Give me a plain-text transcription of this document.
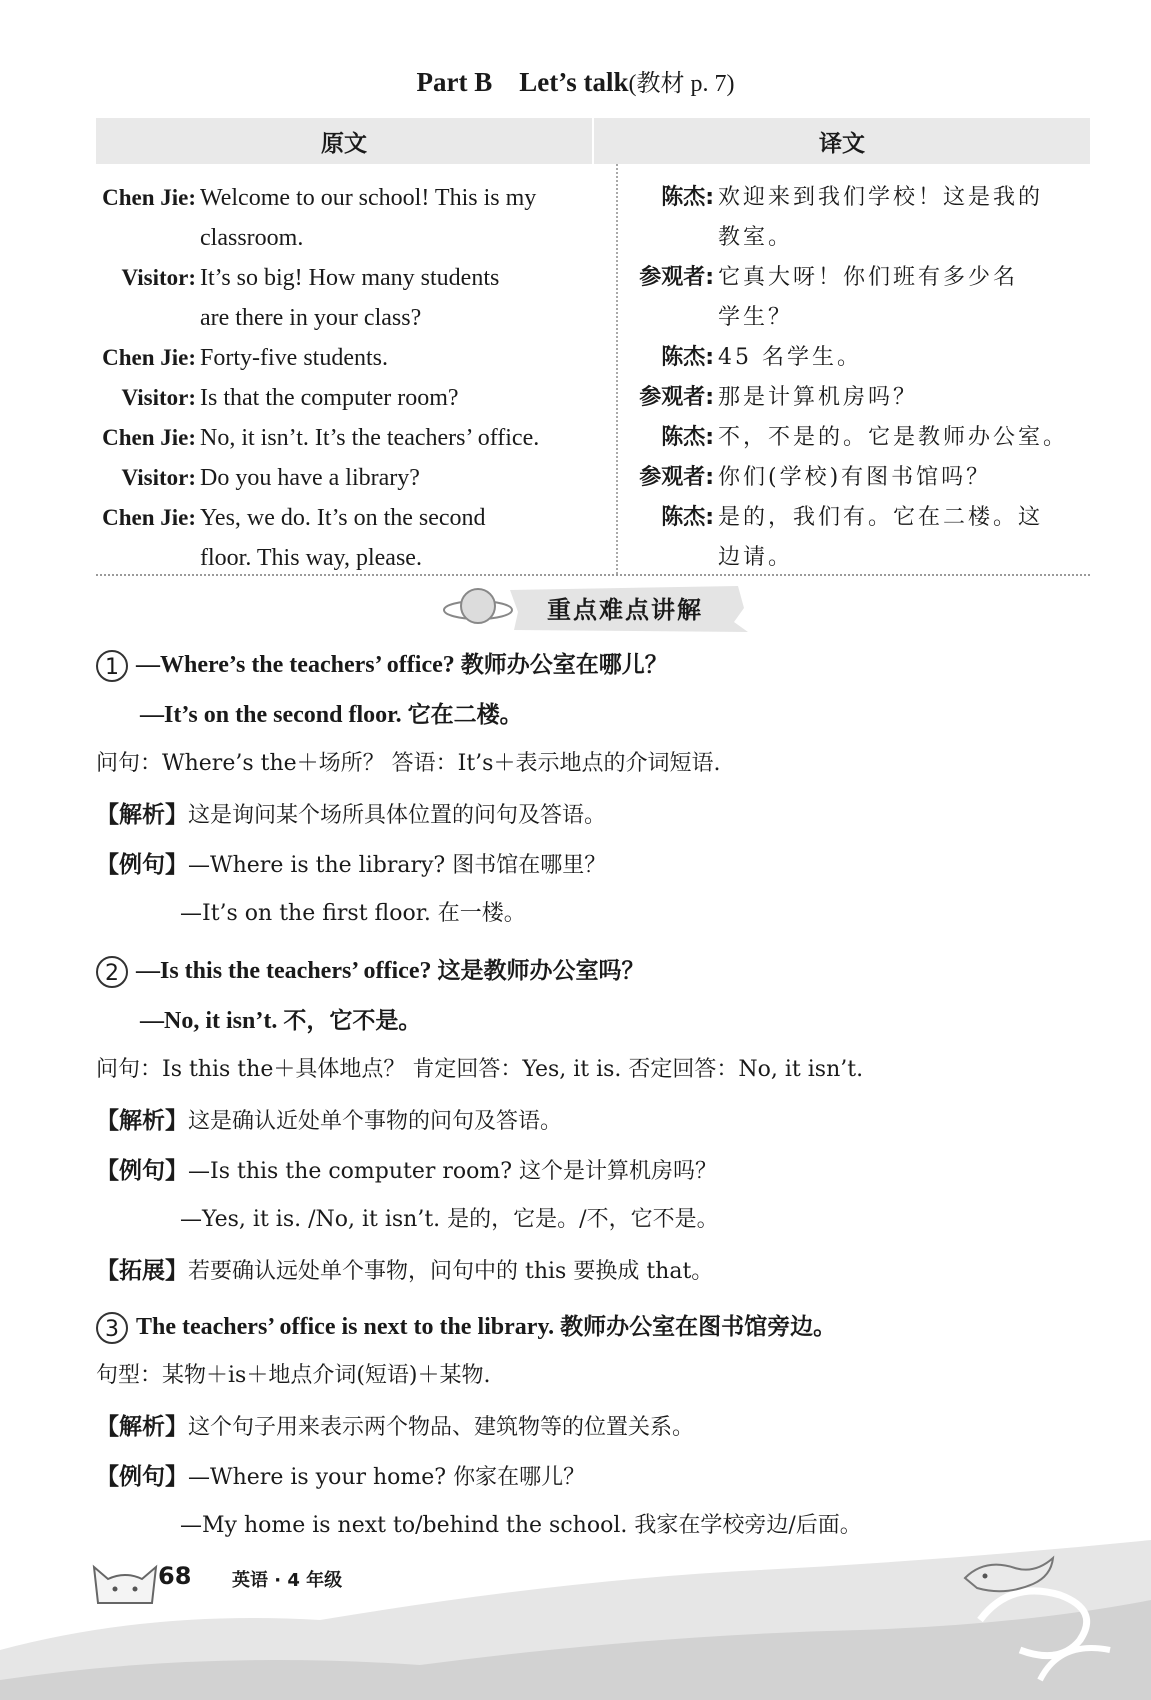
Part B　Let’s talk(教材 p. 7)
原文	译文
Chen Jie: Welcome to our school! This is my	陈杰: 欢迎来到我们学校！这是我的
classroom.	教室。
Visitor: It’s so big! How many students	参观者: 它真大呀！你们班有多少名
are there in your class?	学生？
Chen Jie: Forty-five students.	陈杰: 45 名学生。
Visitor: Is that the computer room?	参观者: 那是计算机房吗？
Chen Jie: No, it isn’t. It’s the teachers’ office.	陈杰: 不，不是的。它是教师办公室。
Visitor: Do you have a library?	参观者: 你们(学校)有图书馆吗？
Chen Jie: Yes, we do. It’s on the second	陈杰: 是的，我们有。它在二楼。这
floor. This way, please.	边请。
重点难点讲解
1 —Where’s the teachers’ office? 教师办公室在哪儿？
—It’s on the second floor. 它在二楼。
问句：Where’s the＋场所？ 答语：It’s＋表示地点的介词短语.
【解析】这是询问某个场所具体位置的问句及答语。
【例句】—Where is the library? 图书馆在哪里？
—It’s on the first floor. 在一楼。
2 —Is this the teachers’ office? 这是教师办公室吗？
—No, it isn’t. 不，它不是。
问句：Is this the＋具体地点？ 肯定回答：Yes, it is. 否定回答：No, it isn’t.
【解析】这是确认近处单个事物的问句及答语。
【例句】—Is this the computer room? 这个是计算机房吗？
—Yes, it is. /No, it isn’t. 是的，它是。/不，它不是。
【拓展】若要确认远处单个事物，问句中的 this 要换成 that。
3 The teachers’ office is next to the library. 教师办公室在图书馆旁边。
句型：某物＋is＋地点介词(短语)＋某物.
【解析】这个句子用来表示两个物品、建筑物等的位置关系。
【例句】—Where is your home? 你家在哪儿？
—My home is next to/behind the school. 我家在学校旁边/后面。
68 英语 · 4 年级
